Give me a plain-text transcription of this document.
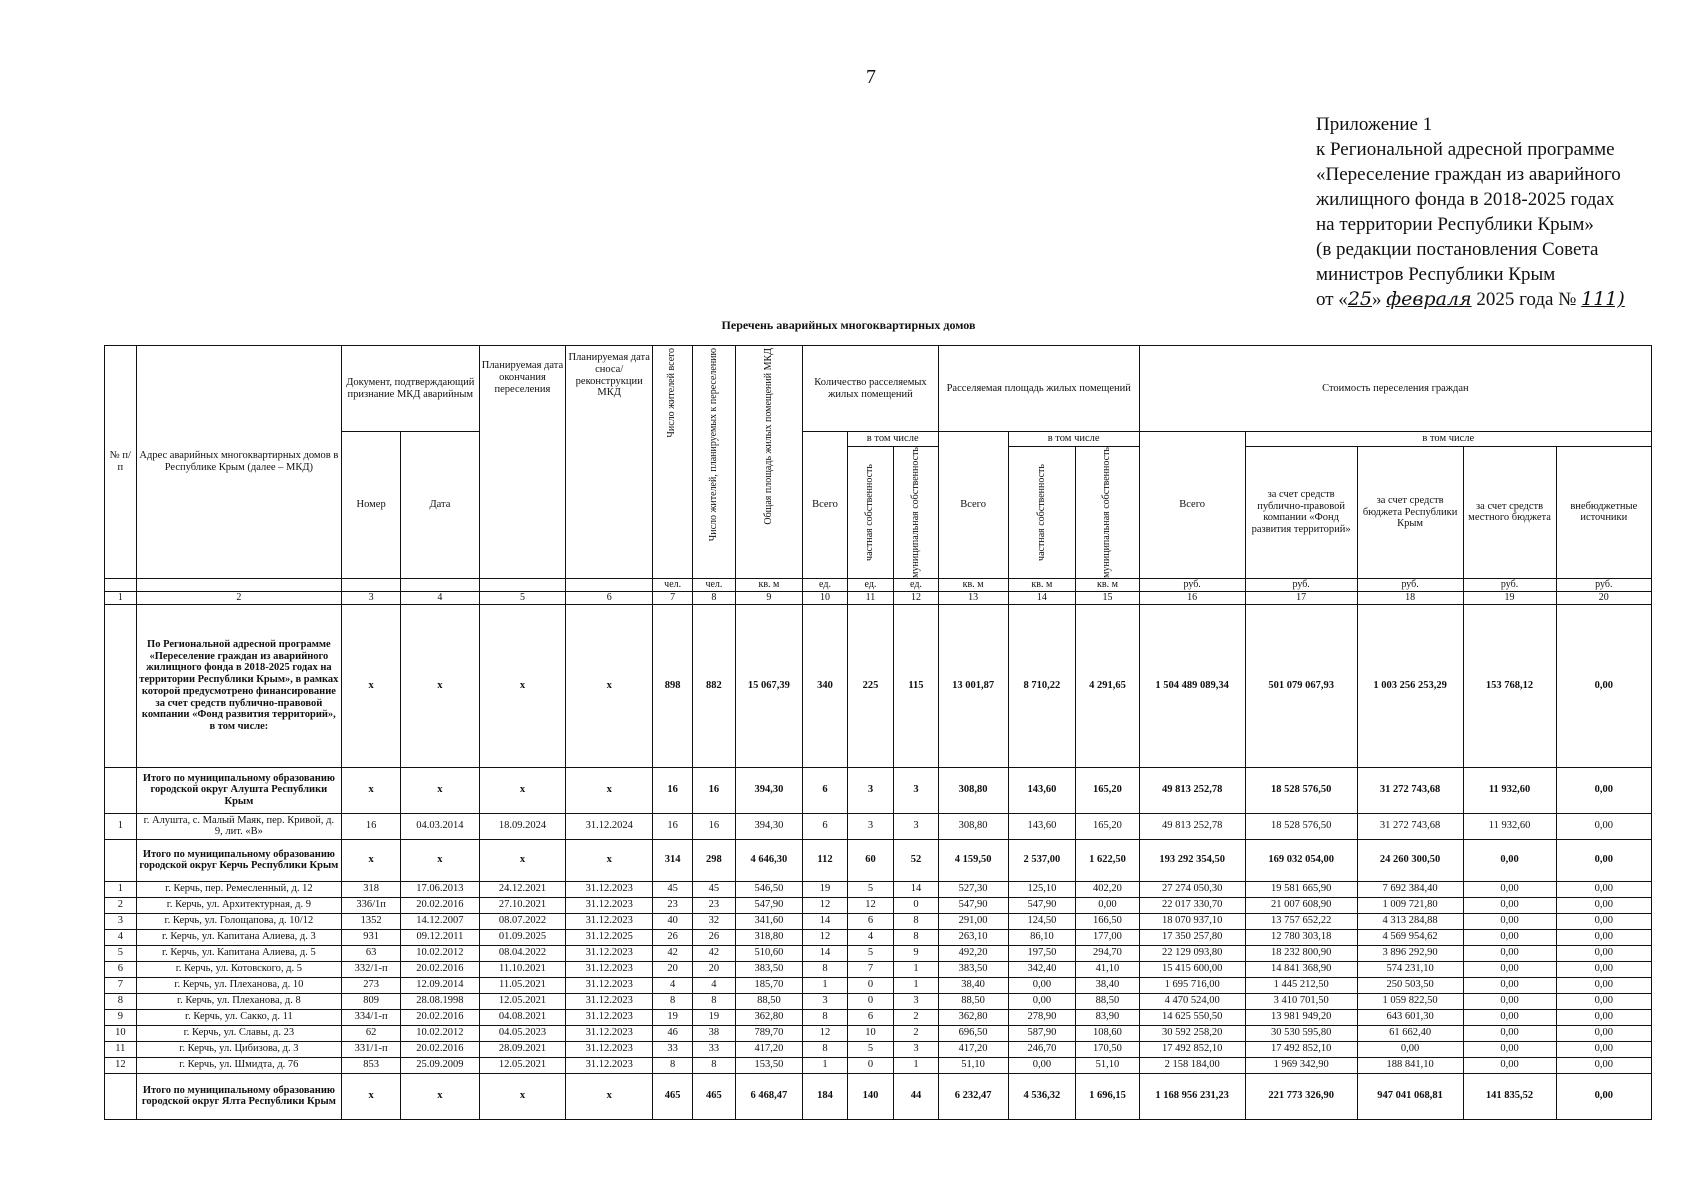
7
Приложение 1
к Региональной адресной программе
«Переселение граждан из аварийного
жилищного фонда в 2018-2025 годах
на территории Республики Крым»
(в редакции постановления Совета
министров Республики Крым
от «25» февраля 2025 года № 111)
Перечень аварийных многоквартирных домов
№ п/ п	Адрес аварийных многоквартирных домов в Республике Крым (далее – МКД)	Документ, подтверждающий признание МКД аварийным		Планируемая дата окончания переселения	Планируемая дата сноса/ реконструкции МКД	Число жителей всего	Число жителей, планируемых к переселению	Общая площадь жилых помещений МКД	Количество расселяемых жилых помещений			Расселяемая площадь жилых помещений			Стоимость переселения граждан				
		Номер	Дата						Всего	в том числе		Всего	в том числе		Всего	в том числе			

										частная собственность	муниципальная собственность		частная собственность	муниципальная собственность		за счет средств публично-правовой компании «Фонд развития территорий»	за счет средств бюджета Республики Крым	за счет средств местного бюджета	внебюджетные источники
						чел.	чел.	кв. м	ед.	ед.	ед.	кв. м	кв. м	кв. м	руб.	руб.	руб.	руб.	руб.
1	2	3	4	5	6	7	8	9	10	11	12	13	14	15	16	17	18	19	20
	По Региональной адресной программе «Переселение граждан из аварийного жилищного фонда в 2018-2025 годах на территории Республики Крым», в рамках которой предусмотрено финансирование за счет средств публично-правовой компании «Фонд развития территорий», в том числе:	x	x	x	x	898	882	15 067,39	340	225	115	13 001,87	8 710,22	4 291,65	1 504 489 089,34	501 079 067,93	1 003 256 253,29	153 768,12	0,00
	Итого по муниципальному образованию городской округ Алушта Республики Крым	x	x	x	x	16	16	394,30	6	3	3	308,80	143,60	165,20	49 813 252,78	18 528 576,50	31 272 743,68	11 932,60	0,00
1	г. Алушта, с. Малый Маяк, пер. Кривой, д. 9, лит. «В»	16	04.03.2014	18.09.2024	31.12.2024	16	16	394,30	6	3	3	308,80	143,60	165,20	49 813 252,78	18 528 576,50	31 272 743,68	11 932,60	0,00
	Итого по муниципальному образованию городской округ Керчь Республики Крым	x	x	x	x	314	298	4 646,30	112	60	52	4 159,50	2 537,00	1 622,50	193 292 354,50	169 032 054,00	24 260 300,50	0,00	0,00
1	г. Керчь, пер. Ремесленный, д. 12	318	17.06.2013	24.12.2021	31.12.2023	45	45	546,50	19	5	14	527,30	125,10	402,20	27 274 050,30	19 581 665,90	7 692 384,40	0,00	0,00
2	г. Керчь, ул. Архитектурная, д. 9	336/1п	20.02.2016	27.10.2021	31.12.2023	23	23	547,90	12	12	0	547,90	547,90	0,00	22 017 330,70	21 007 608,90	1 009 721,80	0,00	0,00
3	г. Керчь, ул. Голощапова, д. 10/12	1352	14.12.2007	08.07.2022	31.12.2023	40	32	341,60	14	6	8	291,00	124,50	166,50	18 070 937,10	13 757 652,22	4 313 284,88	0,00	0,00
4	г. Керчь, ул. Капитана Алиева, д. 3	931	09.12.2011	01.09.2025	31.12.2025	26	26	318,80	12	4	8	263,10	86,10	177,00	17 350 257,80	12 780 303,18	4 569 954,62	0,00	0,00
5	г. Керчь, ул. Капитана Алиева, д. 5	63	10.02.2012	08.04.2022	31.12.2023	42	42	510,60	14	5	9	492,20	197,50	294,70	22 129 093,80	18 232 800,90	3 896 292,90	0,00	0,00
6	г. Керчь, ул. Котовского, д. 5	332/1-п	20.02.2016	11.10.2021	31.12.2023	20	20	383,50	8	7	1	383,50	342,40	41,10	15 415 600,00	14 841 368,90	574 231,10	0,00	0,00
7	г. Керчь, ул. Плеханова, д. 10	273	12.09.2014	11.05.2021	31.12.2023	4	4	185,70	1	0	1	38,40	0,00	38,40	1 695 716,00	1 445 212,50	250 503,50	0,00	0,00
8	г. Керчь, ул. Плеханова, д. 8	809	28.08.1998	12.05.2021	31.12.2023	8	8	88,50	3	0	3	88,50	0,00	88,50	4 470 524,00	3 410 701,50	1 059 822,50	0,00	0,00
9	г. Керчь, ул. Сакко, д. 11	334/1-п	20.02.2016	04.08.2021	31.12.2023	19	19	362,80	8	6	2	362,80	278,90	83,90	14 625 550,50	13 981 949,20	643 601,30	0,00	0,00
10	г. Керчь, ул. Славы, д. 23	62	10.02.2012	04.05.2023	31.12.2023	46	38	789,70	12	10	2	696,50	587,90	108,60	30 592 258,20	30 530 595,80	61 662,40	0,00	0,00
11	г. Керчь, ул. Цибизова, д. 3	331/1-п	20.02.2016	28.09.2021	31.12.2023	33	33	417,20	8	5	3	417,20	246,70	170,50	17 492 852,10	17 492 852,10	0,00	0,00	0,00
12	г. Керчь, ул. Шмидта, д. 76	853	25.09.2009	12.05.2021	31.12.2023	8	8	153,50	1	0	1	51,10	0,00	51,10	2 158 184,00	1 969 342,90	188 841,10	0,00	0,00
	Итого по муниципальному образованию городской округ Ялта Республики Крым	x	x	x	x	465	465	6 468,47	184	140	44	6 232,47	4 536,32	1 696,15	1 168 956 231,23	221 773 326,90	947 041 068,81	141 835,52	0,00
